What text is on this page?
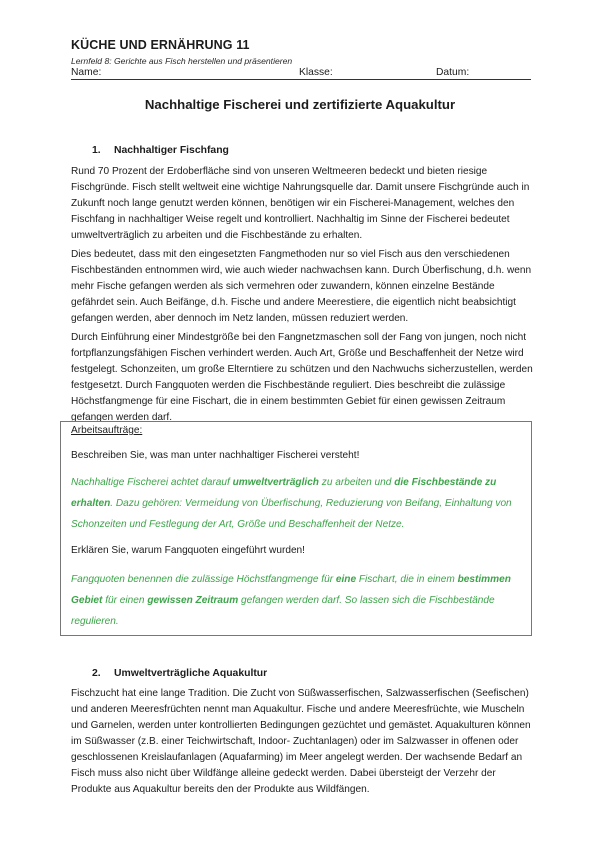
KÜCHE UND ERNÄHRUNG 11
Lernfeld 8: Gerichte aus Fisch herstellen und präsentieren
Name:	Klasse:	Datum:
Nachhaltige Fischerei und zertifizierte Aquakultur
1. Nachhaltiger Fischfang

Rund 70 Prozent der Erdoberfläche sind von unseren Weltmeeren bedeckt und bieten riesige Fischgründe. Fisch stellt weltweit eine wichtige Nahrungsquelle dar. Damit unsere Fischgründe auch in Zukunft noch lange genutzt werden können, benötigen wir ein Fischerei-Management, welches den Fischfang in nachhaltiger Weise regelt und kontrolliert. Nachhaltig im Sinne der Fischerei bedeutet umweltverträglich zu arbeiten und die Fischbestände zu erhalten.

Dies bedeutet, dass mit den eingesetzten Fangmethoden nur so viel Fisch aus den verschiedenen Fischbeständen entnommen wird, wie auch wieder nachwachsen kann. Durch Überfischung, d.h. wenn mehr Fische gefangen werden als sich vermehren oder zuwandern, können einzelne Bestände gefährdet sein. Auch Beifänge, d.h. Fische und andere Meerestiere, die eigentlich nicht beabsichtigt gefangen werden, aber dennoch im Netz landen, müssen reduziert werden.

Durch Einführung einer Mindestgröße bei den Fangnetzmaschen soll der Fang von jungen, noch nicht fortpflanzungsfähigen Fischen verhindert werden. Auch Art, Größe und Beschaffenheit der Netze wird festgelegt. Schonzeiten, um große Elterntiere zu schützen und den Nachwuchs sicherzustellen, werden festgesetzt. Durch Fangquoten werden die Fischbestände reguliert. Dies beschreibt die zulässige Höchstfangmenge für eine Fischart, die in einem bestimmten Gebiet für einen gewissen Zeitraum gefangen werden darf.

Arbeitsaufträge:
Beschreiben Sie, was man unter nachhaltiger Fischerei versteht!

Nachhaltige Fischerei achtet darauf umweltverträglich zu arbeiten und die Fischbestände zu erhalten. Dazu gehören: Vermeidung von Überfischung, Reduzierung von Beifang, Einhaltung von Schonzeiten und Festlegung der Art, Größe und Beschaffenheit der Netze.

Erklären Sie, warum Fangquoten eingeführt wurden!

Fangquoten benennen die zulässige Höchstfangmenge für eine Fischart, die in einem bestimmen Gebiet für einen gewissen Zeitraum gefangen werden darf. So lassen sich die Fischbestände regulieren.

2. Umweltverträgliche Aquakultur

Fischzucht hat eine lange Tradition. Die Zucht von Süßwasserfischen, Salzwasserfischen (Seefischen) und anderen Meeresfrüchten nennt man Aquakultur. Fische und andere Meeresfrüchte, wie Muscheln und Garnelen, werden unter kontrollierten Bedingungen gezüchtet und gemästet. Aquakulturen können im Süßwasser (z.B. einer Teichwirtschaft, Indoor- Zuchtanlagen) oder im Salzwasser in offenen oder geschlossenen Kreislaufanlagen (Aquafarming) im Meer angelegt werden. Der wachsende Bedarf an Fisch muss also nicht über Wildfänge alleine gedeckt werden. Dabei übersteigt der Verzehr der Produkte aus Aquakultur bereits den der Produkte aus Wildfängen.
